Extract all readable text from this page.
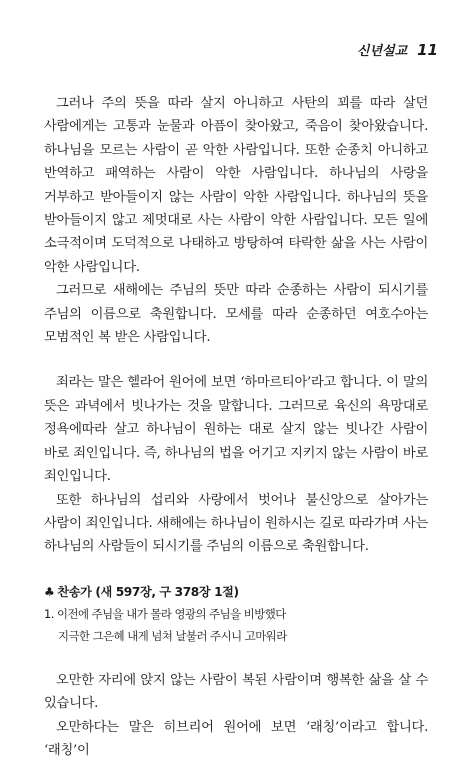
신년설교 11

그러나 주의 뜻을 따라 살지 아니하고 사탄의 꾀를 따라 살던 사람에게는 고통과 눈물과 아픔이 찾아왔고, 죽음이 찾아왔습니다. 하나님을 모르는 사람이 곧 악한 사람입니다. 또한 순종치 아니하고 반역하고 패역하는 사람이 악한 사람입니다. 하나님의 사랑을 거부하고 받아들이지 않는 사람이 악한 사람입니다. 하나님의 뜻을 받아들이지 않고 제멋대로 사는 사람이 악한 사람입니다. 모든 일에 소극적이며 도덕적으로 나태하고 방탕하여 타락한 삶을 사는 사람이 악한 사람입니다.

그러므로 새해에는 주님의 뜻만 따라 순종하는 사람이 되시기를 주님의 이름으로 축원합니다. 모세를 따라 순종하던 여호수아는 모범적인 복 받은 사람입니다.

죄라는 말은 헬라어 원어에 보면 ‘하마르티아’라고 합니다. 이 말의 뜻은 과녁에서 빗나가는 것을 말합니다. 그러므로 육신의 욕망대로 정욕에따라 살고 하나님이 원하는 대로 살지 않는 빗나간 사람이 바로 죄인입니다. 즉, 하나님의 법을 어기고 지키지 않는 사람이 바로 죄인입니다.

또한 하나님의 섭리와 사랑에서 벗어나 불신앙으로 살아가는 사람이 죄인입니다. 새해에는 하나님이 원하시는 길로 따라가며 사는 하나님의 사람들이 되시기를 주님의 이름으로 축원합니다.

♣ 찬송가 (새 597장, 구 378장 1절)
1. 이전에 주님을 내가 몰라 영광의 주님을 비방했다
지극한 그은혜 내게 넘쳐 날불러 주시니 고마워라

오만한 자리에 앉지 않는 사람이 복된 사람이며 행복한 삶을 살 수 있습니다.

오만하다는 말은 히브리어 원어에 보면 ‘래칭’이라고 합니다. ‘래칭’이
